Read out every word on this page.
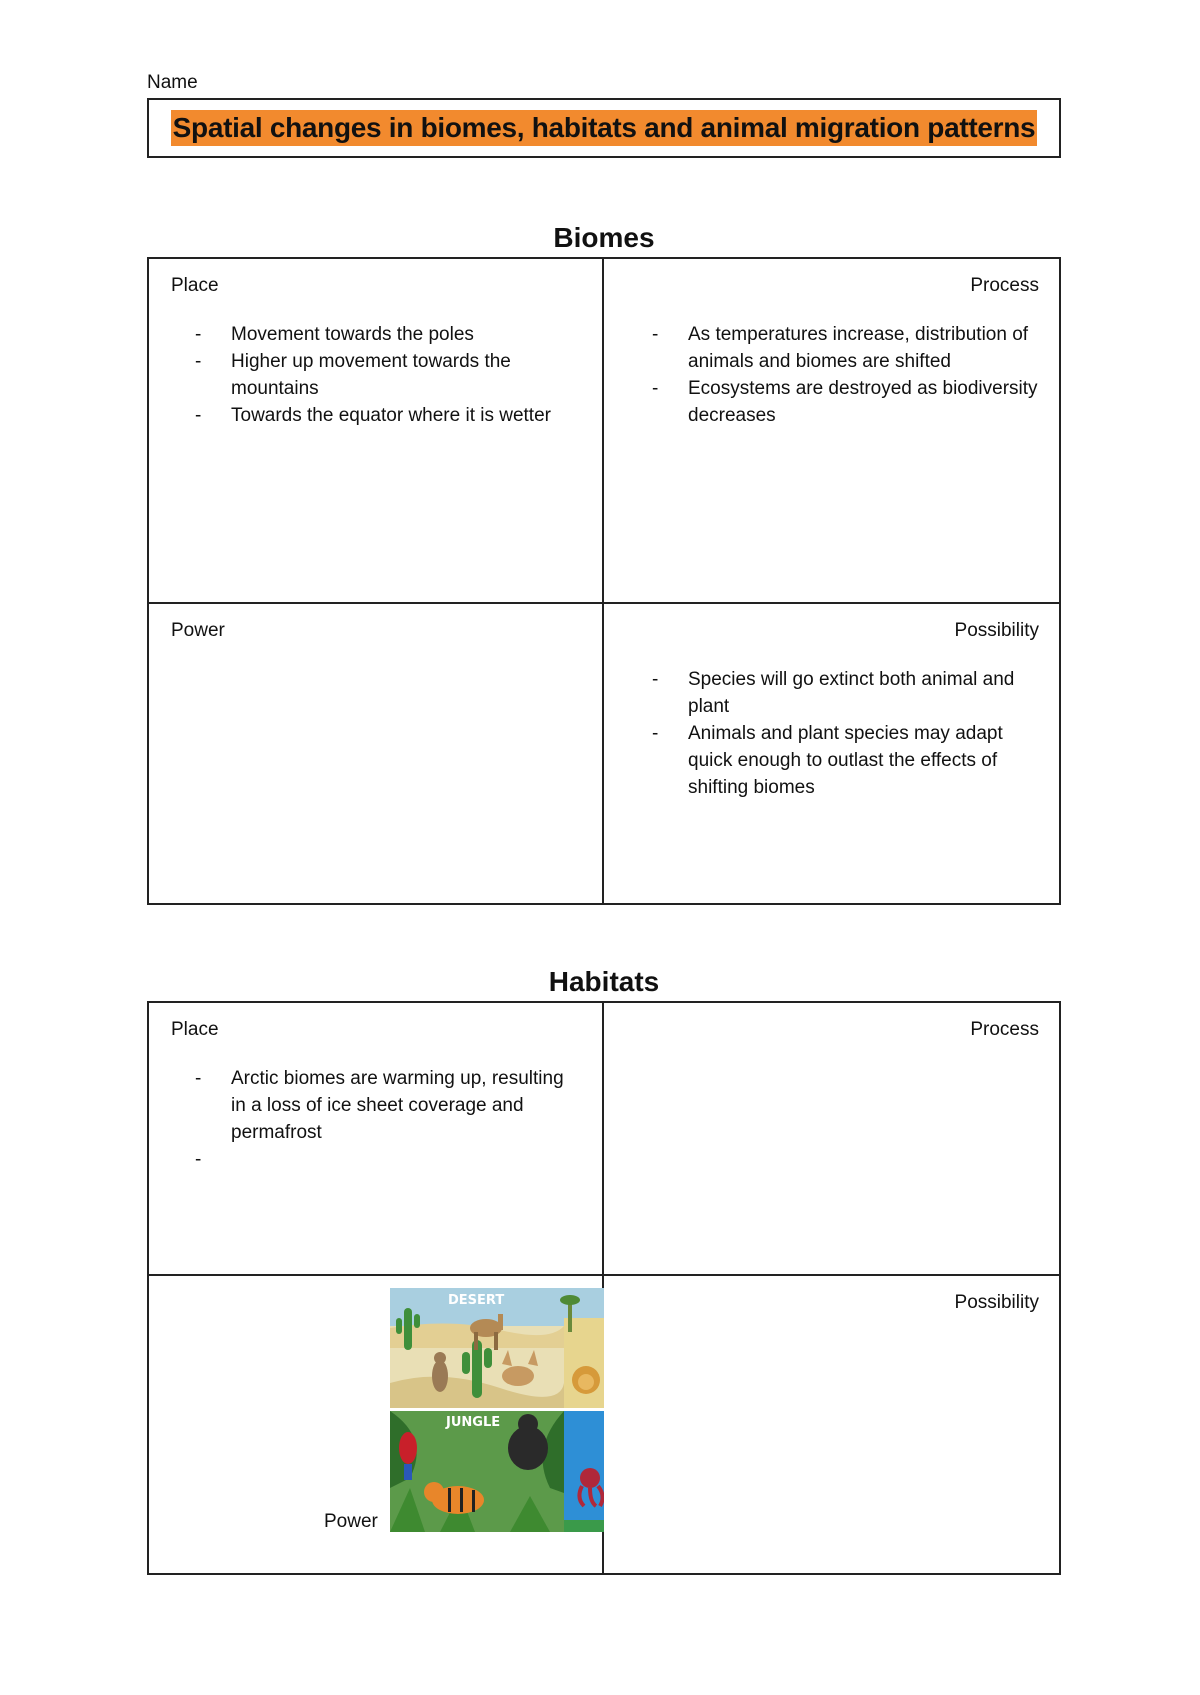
Name
Spatial changes in biomes, habitats and animal migration patterns
Biomes
Place
- Movement towards the poles
- Higher up movement towards the mountains
- Towards the equator where it is wetter
Process
- As temperatures increase, distribution of animals and biomes are shifted
- Ecosystems are destroyed as biodiversity decreases
Power	Possibility
- Species will go extinct both animal and plant
- Animals and plant species may adapt quick enough to outlast the effects of shifting biomes
Habitats
Place
- Arctic biomes are warming up, resulting in a loss of ice sheet coverage and permafrost
-
Process
Possibility
Power
DESERT
JUNGLE
